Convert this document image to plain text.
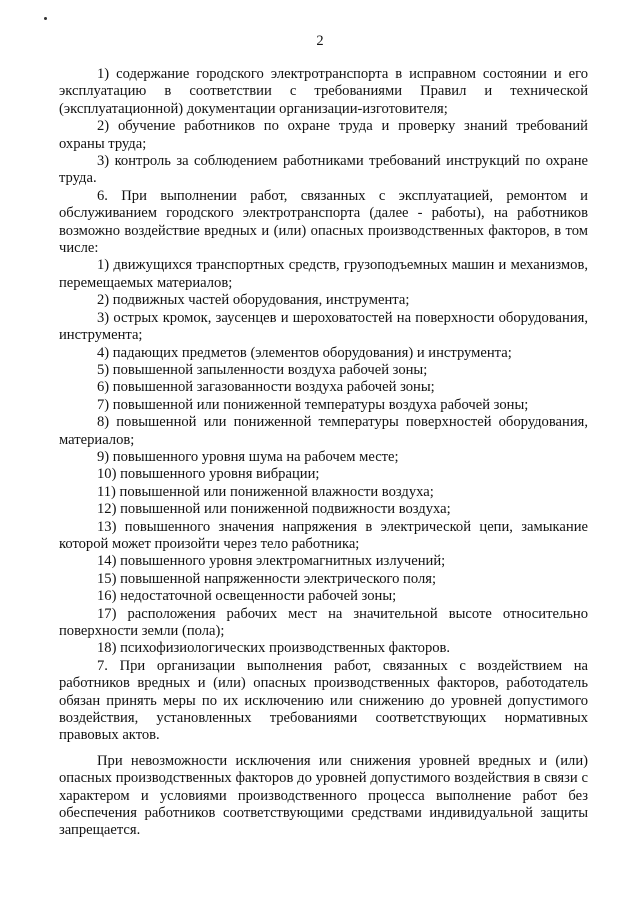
2

1) содержание городского электротранспорта в исправном состоянии и его эксплуатацию в соответствии с требованиями Правил и технической (эксплуатационной) документации организации-изготовителя;

2) обучение работников по охране труда и проверку знаний требований охраны труда;

3) контроль за соблюдением работниками требований инструкций по охране труда.

6. При выполнении работ, связанных с эксплуатацией, ремонтом и обслуживанием городского электротранспорта (далее - работы), на работников возможно воздействие вредных и (или) опасных производственных факторов, в том числе:

1) движущихся транспортных средств, грузоподъемных машин и механизмов, перемещаемых материалов;

2) подвижных частей оборудования, инструмента;

3) острых кромок, заусенцев и шероховатостей на поверхности оборудования, инструмента;

4) падающих предметов (элементов оборудования) и инструмента;

5) повышенной запыленности воздуха рабочей зоны;

6) повышенной загазованности воздуха рабочей зоны;

7) повышенной или пониженной температуры воздуха рабочей зоны;

8) повышенной или пониженной температуры поверхностей оборудования, материалов;

9) повышенного уровня шума на рабочем месте;

10) повышенного уровня вибрации;

11) повышенной или пониженной влажности воздуха;

12) повышенной или пониженной подвижности воздуха;

13) повышенного значения напряжения в электрической цепи, замыкание которой может произойти через тело работника;

14) повышенного уровня электромагнитных излучений;

15) повышенной напряженности электрического поля;

16) недостаточной освещенности рабочей зоны;

17) расположения рабочих мест на значительной высоте относительно поверхности земли (пола);

18) психофизиологических производственных факторов.

7. При организации выполнения работ, связанных с воздействием на работников вредных и (или) опасных производственных факторов, работодатель обязан принять меры по их исключению или снижению до уровней допустимого воздействия, установленных требованиями соответствующих нормативных правовых актов.

При невозможности исключения или снижения уровней вредных и (или) опасных производственных факторов до уровней допустимого воздействия в связи с характером и условиями производственного процесса выполнение работ без обеспечения работников соответствующими средствами индивидуальной защиты запрещается.
